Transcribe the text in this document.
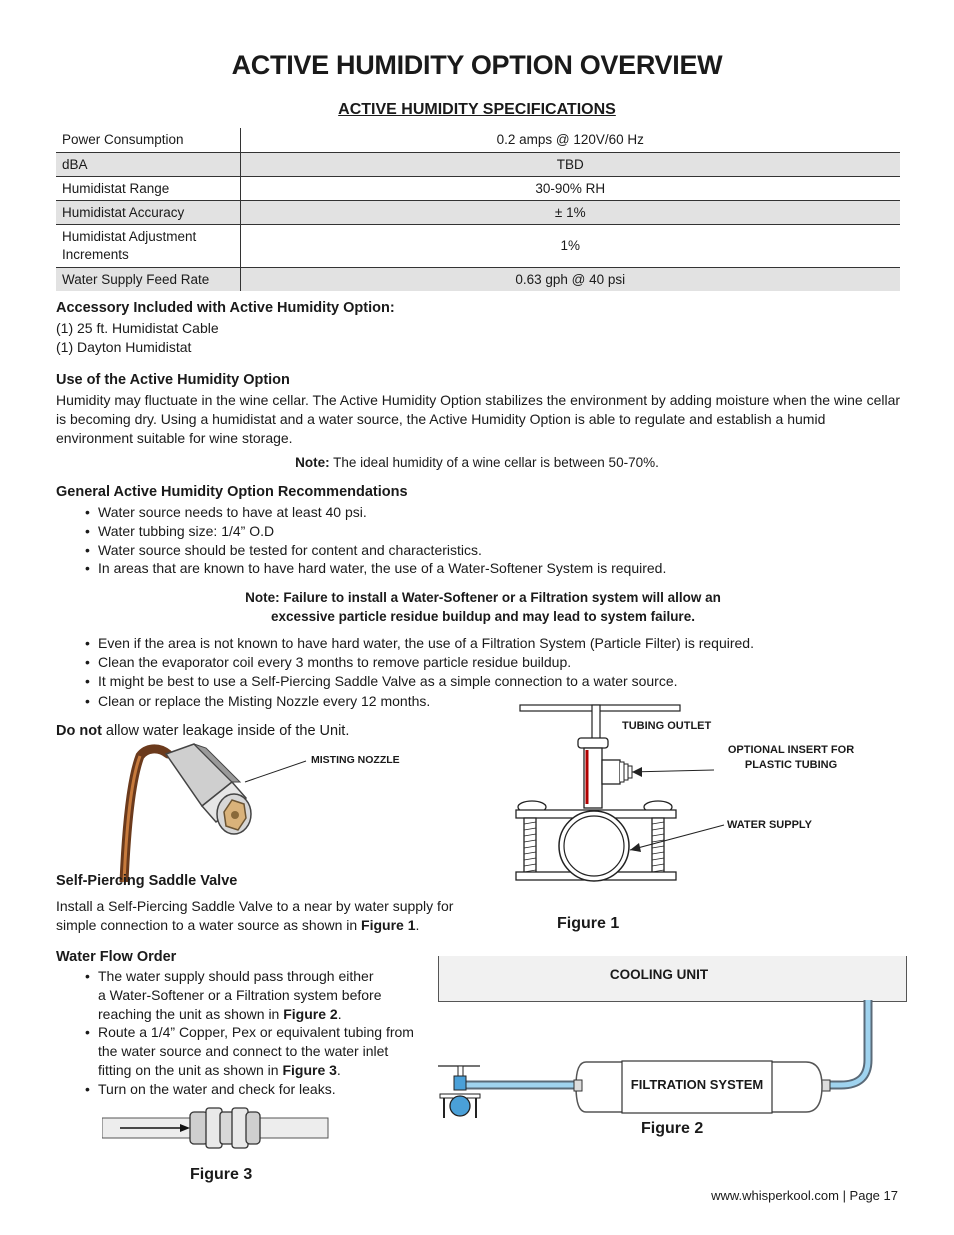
ACTIVE HUMIDITY OPTION OVERVIEW
ACTIVE HUMIDITY SPECIFICATIONS
Power Consumption	0.2 amps @ 120V/60 Hz
dBA	TBD
Humidistat Range	30-90% RH
Humidistat Accuracy	± 1%
Humidistat Adjustment Increments	1%
Water Supply Feed Rate	0.63 gph @ 40 psi
Accessory Included with Active Humidity Option:
(1) 25 ft. Humidistat Cable
(1) Dayton Humidistat
Use of the Active Humidity Option
Humidity may fluctuate in the wine cellar. The Active Humidity Option stabilizes the environment by adding moisture when the wine cellar is becoming dry. Using a humidistat and a water source, the Active Humidity Option is able to regulate and establish a humid environment suitable for wine storage.
Note: The ideal humidity of a wine cellar is between 50-70%.
General Active Humidity Option Recommendations
• Water source needs to have at least 40 psi.
• Water tubbing size: 1/4” O.D
• Water source should be tested for content and characteristics.
• In areas that are known to have hard water, the use of a Water-Softener System is required.
Note: Failure to install a Water-Softener or a Filtration system will allow an
excessive particle residue buildup and may lead to system failure.
• Even if the area is not known to have hard water, the use of a Filtration System (Particle Filter) is required.
• Clean the evaporator coil every 3 months to remove particle residue buildup.
• It might be best to use a Self-Piercing Saddle Valve as a simple connection to a water source.
• Clean or replace the Misting Nozzle every 12 months.
Do not allow water leakage inside of the Unit.
MISTING NOZZLE
TUBING OUTLET
OPTIONAL INSERT FOR
PLASTIC TUBING
WATER SUPPLY
Self-Piercing Saddle Valve
Install a Self-Piercing Saddle Valve to a near by water supply for
simple connection to a water source as shown in Figure 1.	Figure 1
Water Flow Order
• The water supply should pass through either
a Water-Softener or a Filtration system before
reaching the unit as shown in Figure 2.
• Route a 1/4” Copper, Pex or equivalent tubing from
the water source and connect to the water inlet
fitting on the unit as shown in Figure 3.
• Turn on the water and check for leaks.
COOLING UNIT
FILTRATION SYSTEM
Figure 2
Figure 3
www.whisperkool.com | Page 17
